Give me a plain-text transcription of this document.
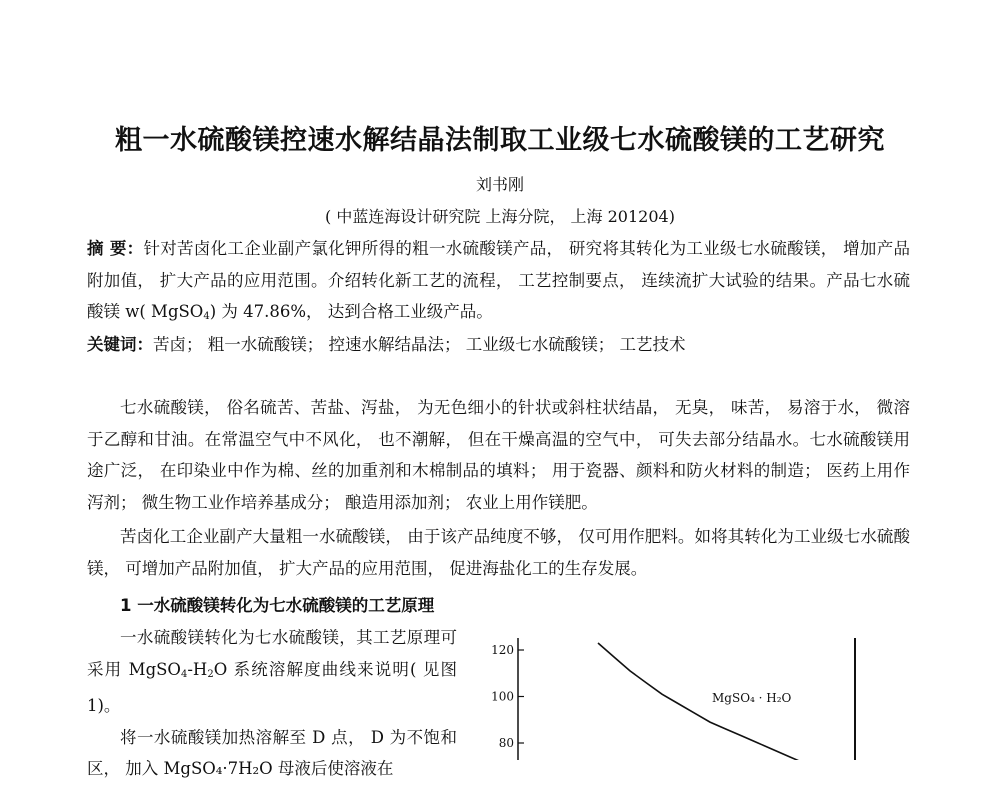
粗一水硫酸镁控速水解结晶法制取工业级七水硫酸镁的工艺研究
刘书刚
( 中蓝连海设计研究院 上海分院， 上海 201204)

摘 要：针对苦卤化工企业副产氯化钾所得的粗一水硫酸镁产品， 研究将其转化为工业级七水硫酸镁， 增加产品附加值， 扩大产品的应用范围。介绍转化新工艺的流程， 工艺控制要点， 连续流扩大试验的结果。产品七水硫酸镁 w( MgSO$_4$) 为 47.86%， 达到合格工业级产品。

关键词：苦卤； 粗一水硫酸镁； 控速水解结晶法； 工业级七水硫酸镁； 工艺技术

七水硫酸镁， 俗名硫苦、苦盐、泻盐， 为无色细小的针状或斜柱状结晶， 无臭， 味苦， 易溶于水， 微溶于乙醇和甘油。在常温空气中不风化， 也不潮解， 但在干燥高温的空气中， 可失去部分结晶水。七水硫酸镁用途广泛， 在印染业中作为棉、丝的加重剂和木棉制品的填料； 用于瓷器、颜料和防火材料的制造； 医药上用作泻剂； 微生物工业作培养基成分； 酿造用添加剂； 农业上用作镁肥。

苦卤化工企业副产大量粗一水硫酸镁， 由于该产品纯度不够， 仅可用作肥料。如将其转化为工业级七水硫酸镁， 可增加产品附加值， 扩大产品的应用范围， 促进海盐化工的生存发展。

1 一水硫酸镁转化为七水硫酸镁的工艺原理

一水硫酸镁转化为七水硫酸镁，其工艺原理可采用 $MgSO_4-H_2O$ 系统溶解度曲线来说明( 见图 1)。

将一水硫酸镁加热溶解至 D 点， D 为不饱和区， 加入 MgSO₄·7H₂O 母液后使溶液在

120
100
80
MgSO₄ · H₂O
